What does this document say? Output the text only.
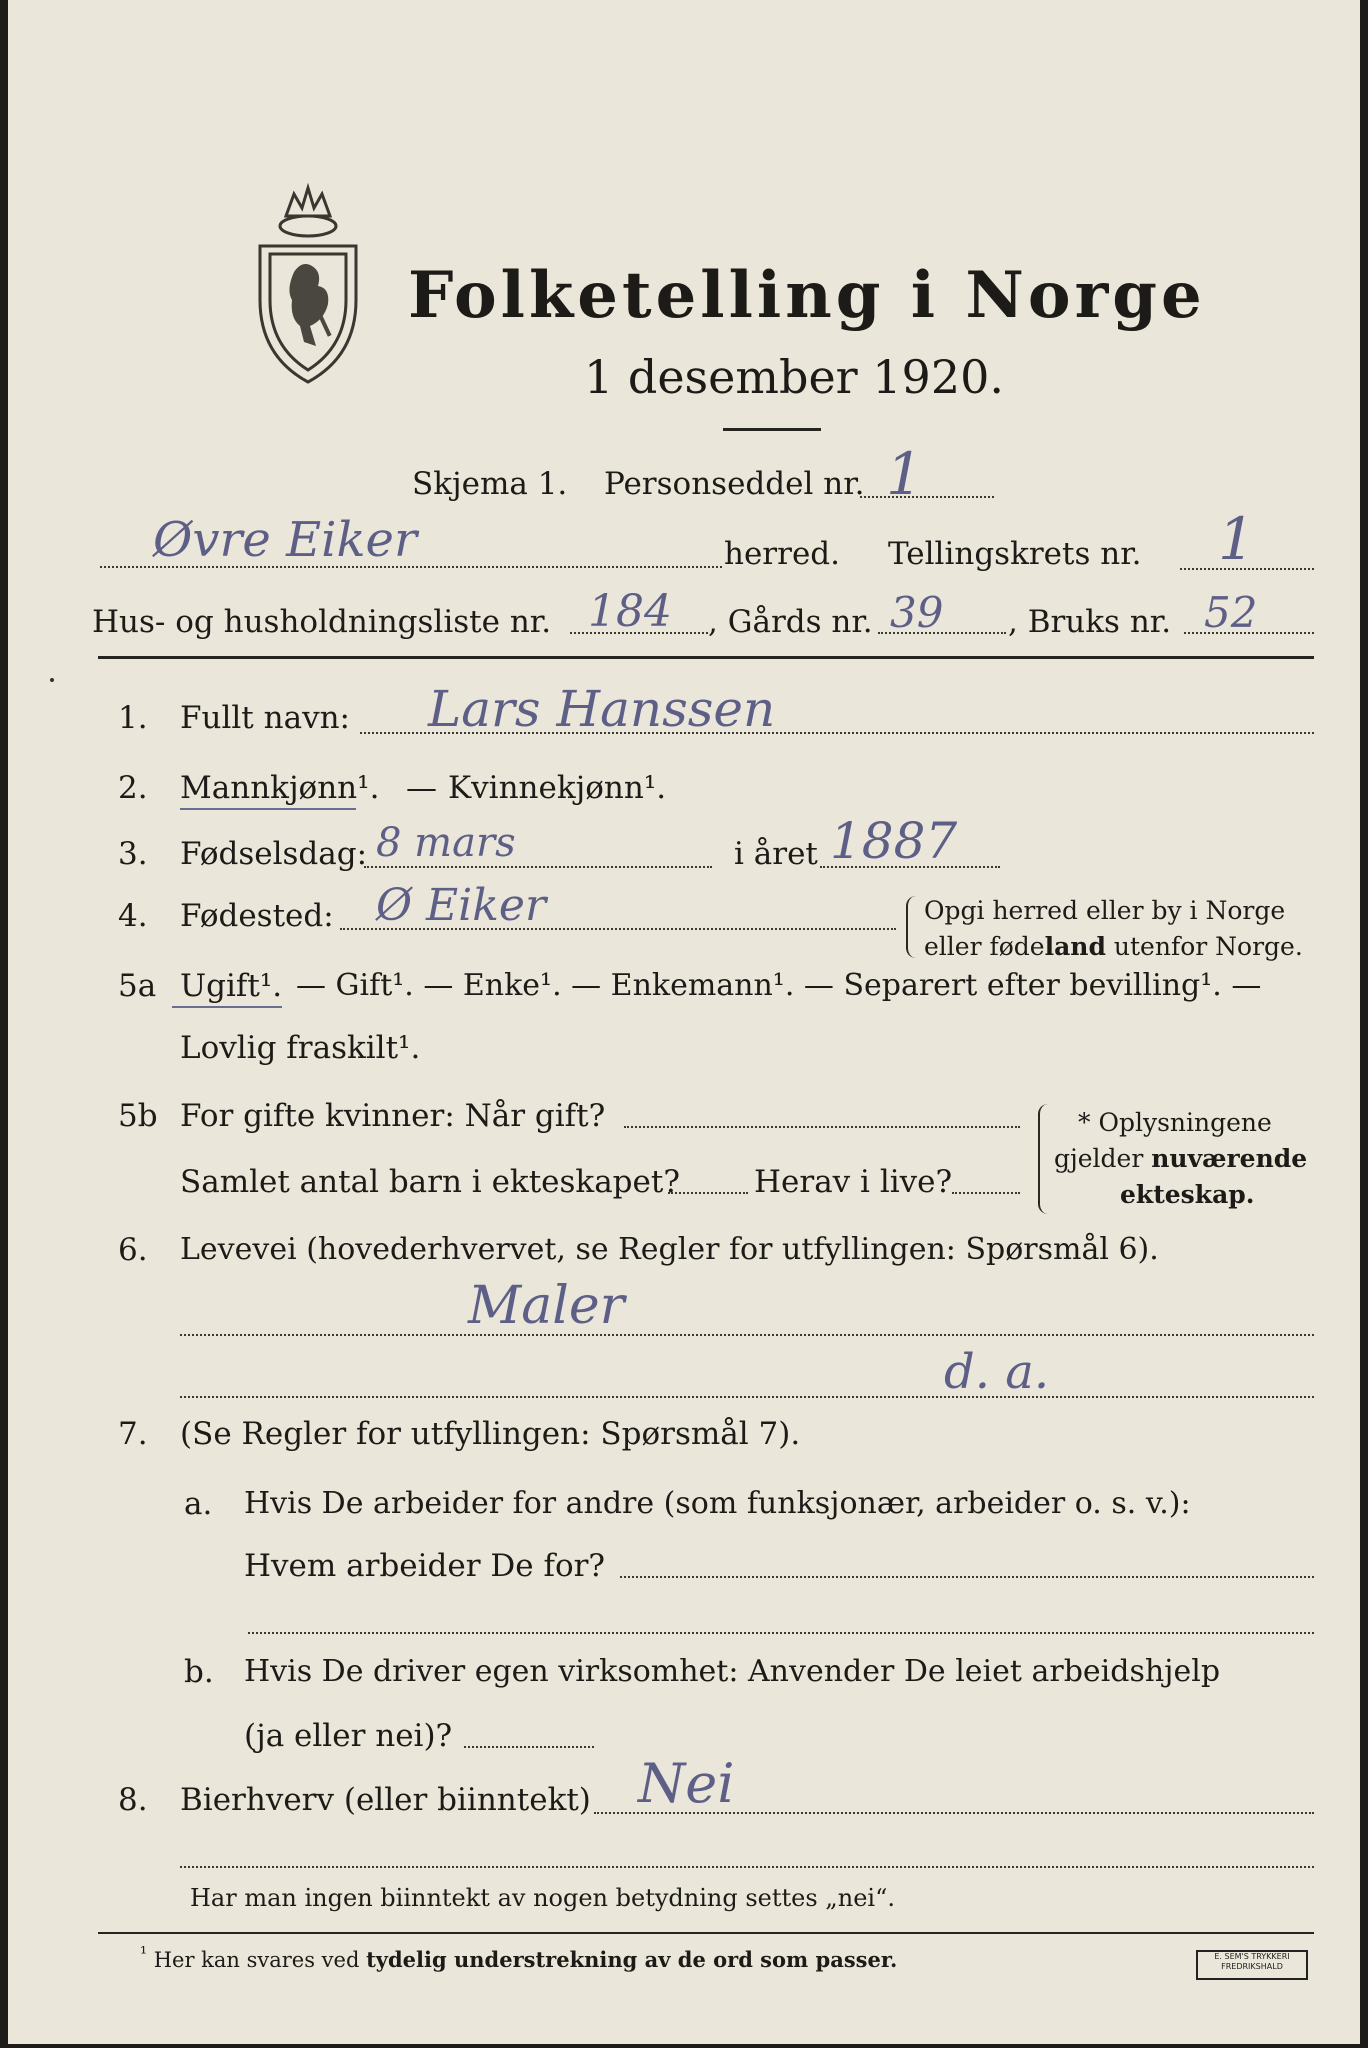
Folketelling i Norge
1 desember 1920.
Skjema 1. Personseddel nr. 1
Øvre Eiker	herred. Tellingskrets nr. 1
Hus- og husholdningsliste nr. 184 , Gårds nr. 39 , Bruks nr. 52
1. Fullt navn: Lars Hanssen
2. Mannkjønn¹. — Kvinnekjønn¹.
3. Fødselsdag: 8 mars	i året 1887
4. Fødested: Ø Eiker	Opgi herred eller by i Norge
eller fødeland utenfor Norge.
5a Ugift¹. — Gift¹. — Enke¹. — Enkemann¹. — Separert efter bevilling¹. —
Lovlig fraskilt¹.
5b For gifte kvinner: Når gift?
Samlet antal barn i ekteskapet? Herav i live?
* Oplysningene
gjelder nuværende
ekteskap.
6. Levevei (hovederhvervet, se Regler for utfyllingen: Spørsmål 6).
Maler
d. a.
7. (Se Regler for utfyllingen: Spørsmål 7).
a. Hvis De arbeider for andre (som funksjonær, arbeider o. s. v.):
Hvem arbeider De for?
b. Hvis De driver egen virksomhet: Anvender De leiet arbeidshjelp
(ja eller nei)?
8. Bierhverv (eller biinntekt) Nei
Har man ingen biinntekt av nogen betydning settes „nei“.
$^{^1}$ Her kan svares ved tydelig understrekning av de ord som passer.	E. SEM'S TRYKKERI FREDRIKSHALD
